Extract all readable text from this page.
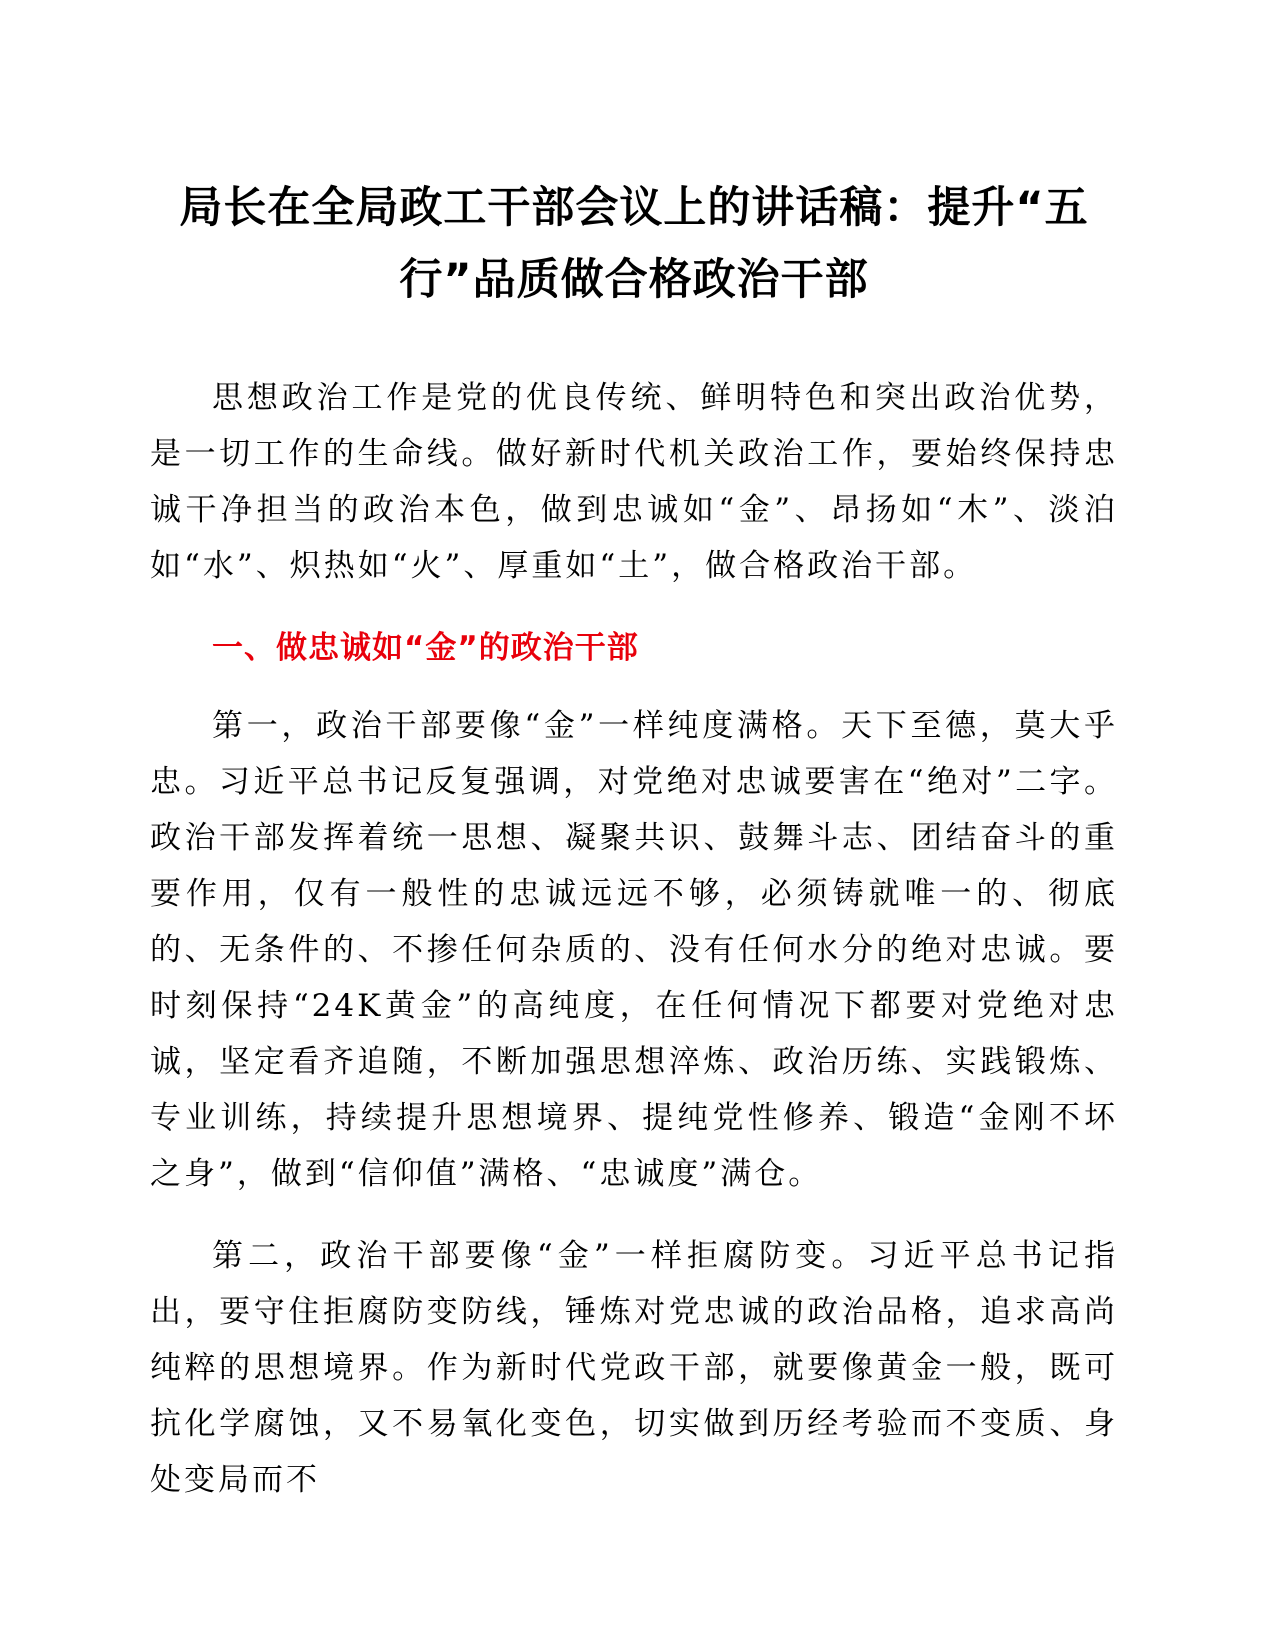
局长在全局政工干部会议上的讲话稿：提升“五
行”品质做合格政治干部

思想政治工作是党的优良传统、鲜明特色和突出政治优势，是一切工作的生命线。做好新时代机关政治工作，要始终保持忠诚干净担当的政治本色，做到忠诚如“金”、昂扬如“木”、淡泊如“水”、炽热如“火”、厚重如“土”，做合格政治干部。

一、做忠诚如“金”的政治干部

第一，政治干部要像“金”一样纯度满格。天下至德，莫大乎忠。习近平总书记反复强调，对党绝对忠诚要害在“绝对”二字。政治干部发挥着统一思想、凝聚共识、鼓舞斗志、团结奋斗的重要作用，仅有一般性的忠诚远远不够，必须铸就唯一的、彻底的、无条件的、不掺任何杂质的、没有任何水分的绝对忠诚。要时刻保持“24K黄金”的高纯度，在任何情况下都要对党绝对忠诚，坚定看齐追随，不断加强思想淬炼、政治历练、实践锻炼、专业训练，持续提升思想境界、提纯党性修养、锻造“金刚不坏之身”，做到“信仰值”满格、“忠诚度”满仓。

第二，政治干部要像“金”一样拒腐防变。习近平总书记指出，要守住拒腐防变防线，锤炼对党忠诚的政治品格，追求高尚纯粹的思想境界。作为新时代党政干部，就要像黄金一般，既可抗化学腐蚀，又不易氧化变色，切实做到历经考验而不变质、身处变局而不
